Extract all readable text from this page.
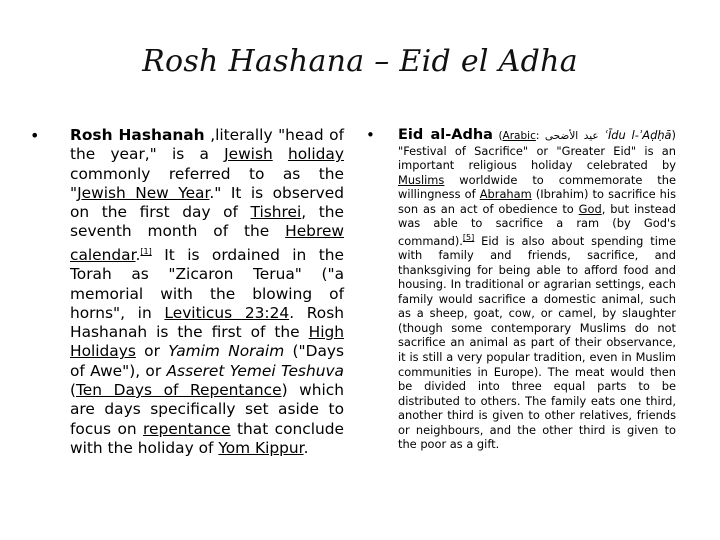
Rosh Hashana – Eid el Adha
• Rosh Hashanah ,literally "head of the year," is a Jewish holiday commonly referred to as the "Jewish New Year." It is observed on the first day of Tishrei, the seventh month of the Hebrew calendar.[1] It is ordained in the Torah as "Zicaron Terua" ("a memorial with the blowing of horns", in Leviticus 23:24. Rosh Hashanah is the first of the High Holidays or Yamim Noraim ("Days of Awe"), or Asseret Yemei Teshuva (Ten Days of Repentance) which are days specifically set aside to focus on repentance that conclude with the holiday of Yom Kippur.
• Eid al-Adha (Arabic: عيد الأضحى ʿĪdu l-ʾAḍḥā) "Festival of Sacrifice" or "Greater Eid" is an important religious holiday celebrated by Muslims worldwide to commemorate the willingness of Abraham (Ibrahim) to sacrifice his son as an act of obedience to God, but instead was able to sacrifice a ram (by God's command).[5] Eid is also about spending time with family and friends, sacrifice, and thanksgiving for being able to afford food and housing. In traditional or agrarian settings, each family would sacrifice a domestic animal, such as a sheep, goat, cow, or camel, by slaughter (though some contemporary Muslims do not sacrifice an animal as part of their observance, it is still a very popular tradition, even in Muslim communities in Europe). The meat would then be divided into three equal parts to be distributed to others. The family eats one third, another third is given to other relatives, friends or neighbours, and the other third is given to the poor as a gift.
